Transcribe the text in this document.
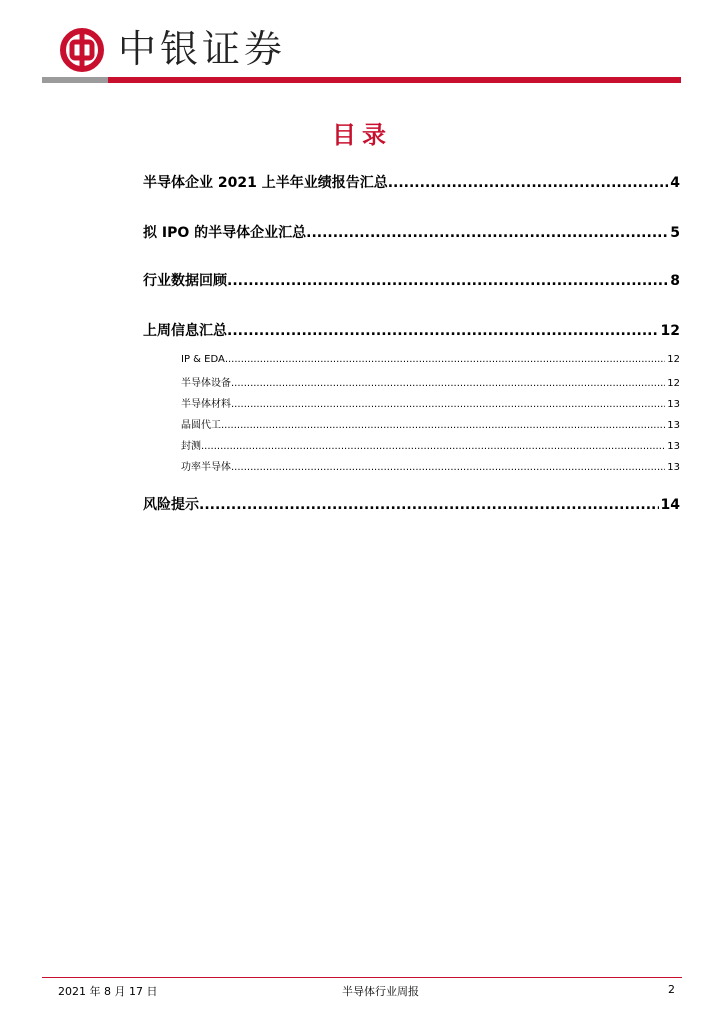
中银证券
目录
半导体企业 2021 上半年业绩报告汇总 .....	4
拟 IPO 的半导体企业汇总 .....	5
行业数据回顾 .....	8
上周信息汇总 .....	12
IP & EDA .....	12
半导体设备 .....	12
半导体材料 .....	13
晶圆代工 .....	13
封测 .....	13
功率半导体 .....	13
风险提示 .....	14
2021 年 8 月 17 日	半导体行业周报	2
